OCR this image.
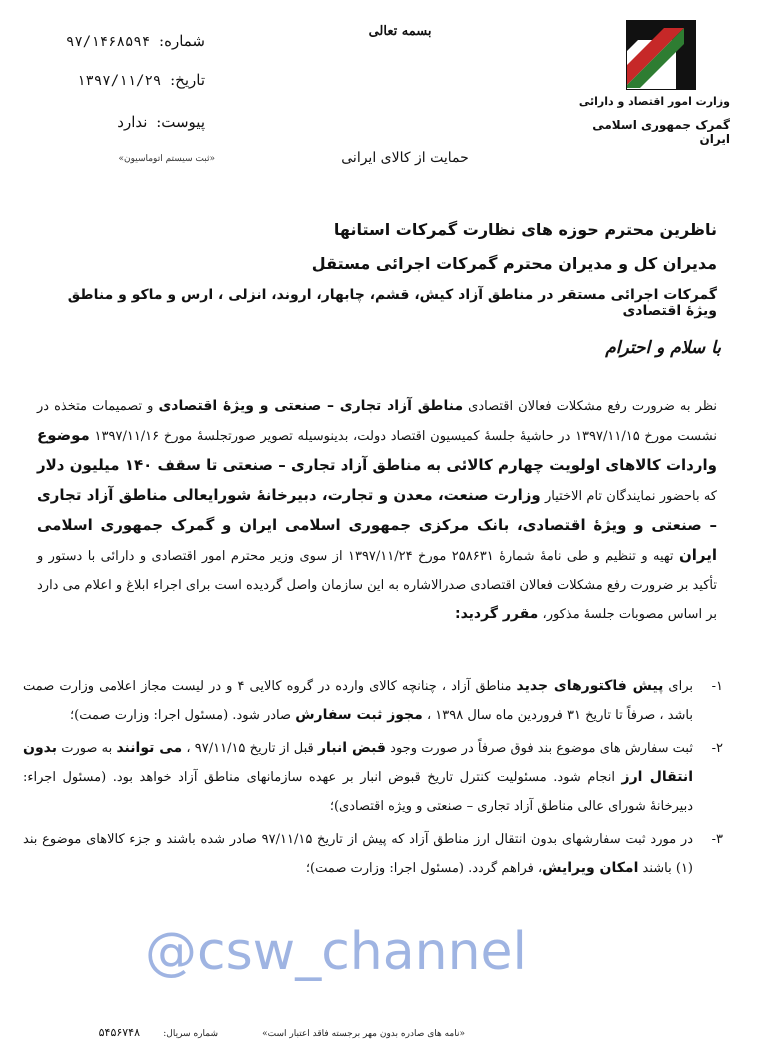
بسمه تعالی
شماره: ۹۷/۱۴۶۸۵۹۴
تاریخ: ۱۳۹۷/۱۱/۲۹
پیوست: ندارد
«ثبت سیستم اتوماسیون»	حمایت از کالای ایرانی
وزارت امور اقتصاد و دارائی
گمرک جمهوری اسلامی ایران
ناظرین محترم حوزه های نظارت گمرکات استانها
مدیران کل و مدیران محترم گمرکات اجرائی مستقل
گمرکات اجرائی مستقر در مناطق آزاد کیش، قشم، چابهار، اروند، انزلی ، ارس و ماکو و مناطق ویژهٔ اقتصادی
با سلام و احترام
نظر به ضرورت رفع مشکلات فعالان اقتصادی مناطق آزاد تجاری – صنعتی و ویژهٔ اقتصادی و تصمیمات متخذه در نشست مورخ ۱۳۹۷/۱۱/۱۵ در حاشیهٔ جلسهٔ کمیسیون اقتصاد دولت، بدینوسیله تصویر صورتجلسهٔ مورخ ۱۳۹۷/۱۱/۱۶ موضوع واردات کالاهای اولویت چهارم کالائی به مناطق آزاد تجاری – صنعتی تا سقف ۱۴۰ میلیون دلار که باحضور نمایندگان تام الاختیار وزارت صنعت، معدن و تجارت، دبیرخانهٔ شورایعالی مناطق آزاد تجاری – صنعتی و ویژهٔ اقتصادی، بانک مرکزی جمهوری اسلامی ایران و گمرک جمهوری اسلامی ایران تهیه و تنظیم و طی نامهٔ شمارهٔ ۲۵۸۶۳۱ مورخ ۱۳۹۷/۱۱/۲۴ از سوی وزیر محترم امور اقتصادی و دارائی با دستور و تأکید بر ضرورت رفع مشکلات فعالان اقتصادی صدرالاشاره به این سازمان واصل گردیده است برای اجراء ابلاغ و اعلام می دارد بر اساس مصوبات جلسهٔ مذکور، مقرر گردید:
۱-
برای پیش فاکتورهای جدید مناطق آزاد ، چنانچه کالای وارده در گروه کالایی ۴ و در لیست مجاز اعلامی وزارت صمت باشد ، صرفاً تا تاریخ ۳۱ فروردین ماه سال ۱۳۹۸ ، مجوز ثبت سفارش صادر شود. (مسئول اجرا: وزارت صمت)؛
۲-
ثبت سفارش های موضوع بند فوق صرفاً در صورت وجود قبض انبار قبل از تاریخ ۹۷/۱۱/۱۵ ، می توانند به صورت بدون انتقال ارز انجام شود. مسئولیت کنترل تاریخ قبوض انبار بر عهده سازمانهای مناطق آزاد خواهد بود. (مسئول اجراء: دبیرخانهٔ شورای عالی مناطق آزاد تجاری – صنعتی و ویژه اقتصادی)؛
۳-
در مورد ثبت سفارشهای بدون انتقال ارز مناطق آزاد که پیش از تاریخ ۹۷/۱۱/۱۵ صادر شده باشند و جزء کالاهای موضوع بند (۱) باشند امکان ویرایش، فراهم گردد. (مسئول اجرا: وزارت صمت)؛
@csw_channel
«نامه های صادره بدون مهر برجسته فاقد اعتبار است»
شماره سریال:
۵۴۵۶۷۴۸
